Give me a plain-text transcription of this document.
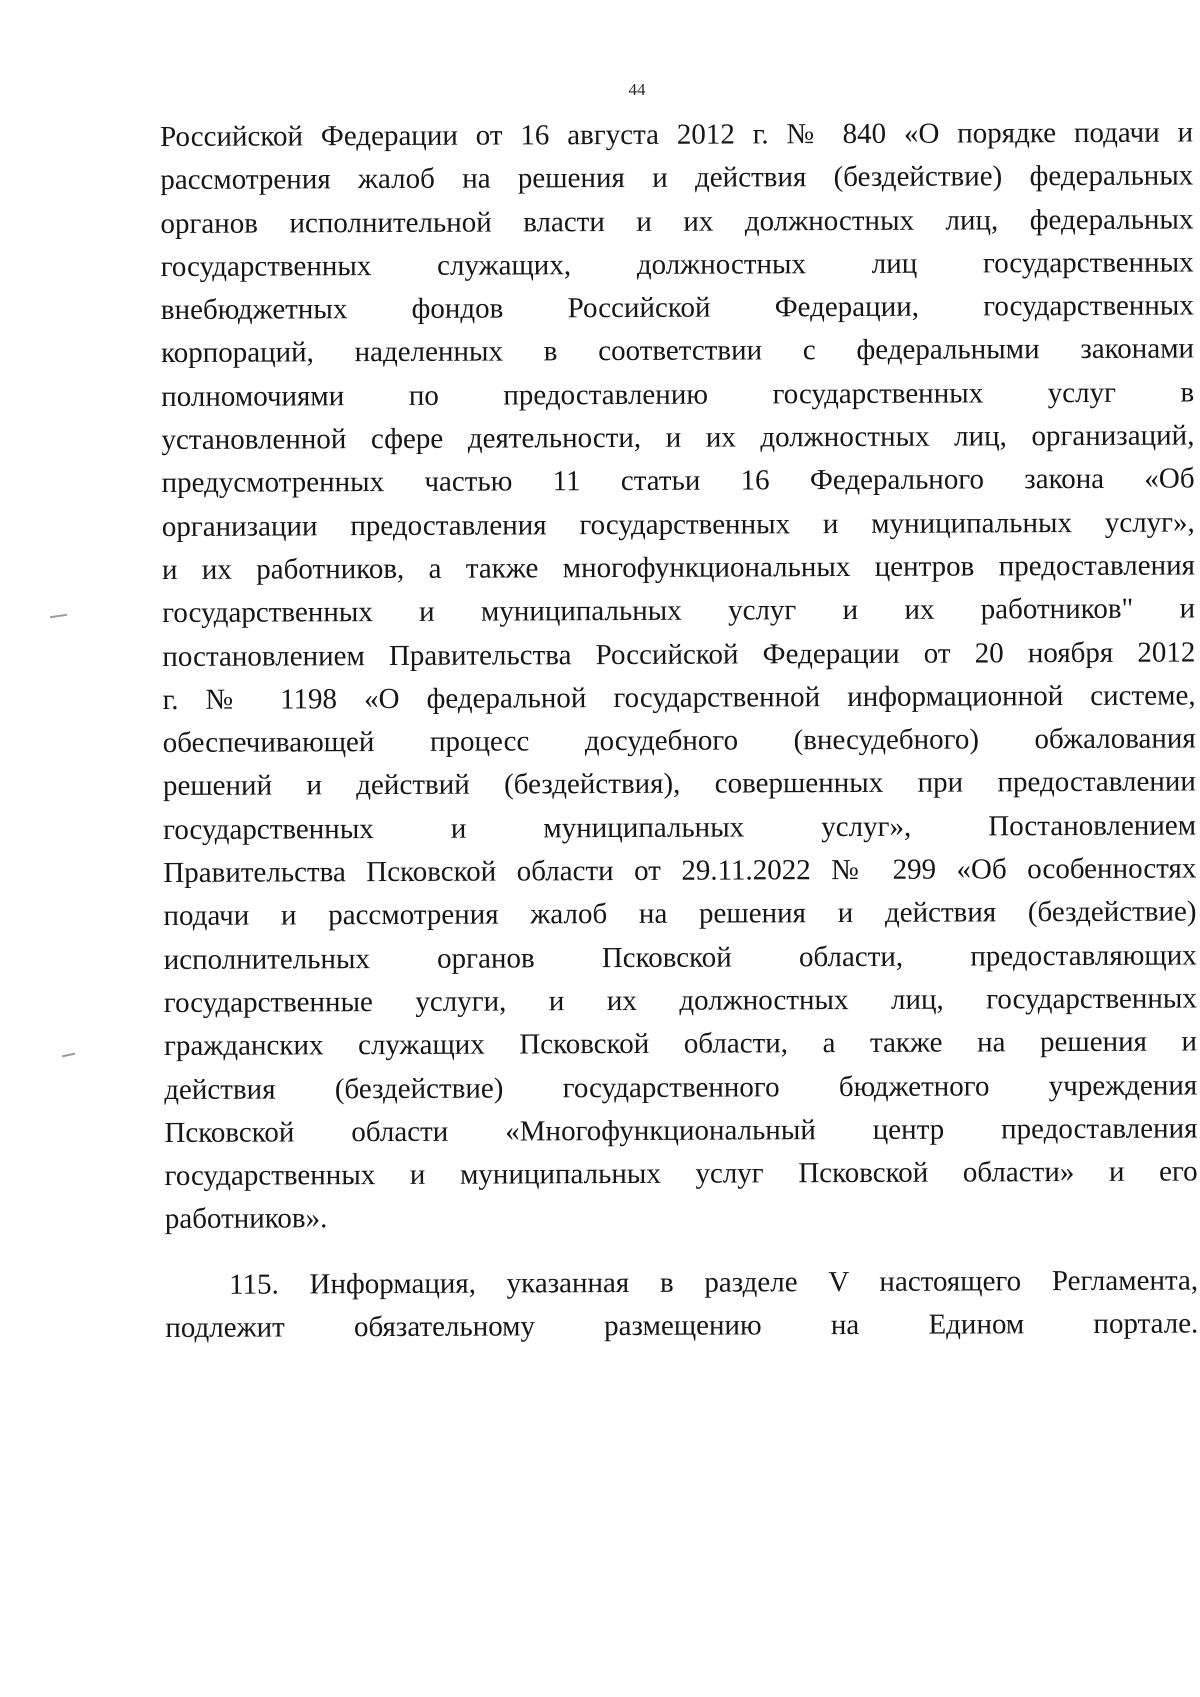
44
Российской Федерации от 16 августа 2012 г. № 840 «О порядке подачи и
рассмотрения жалоб на решения и действия (бездействие) федеральных
органов исполнительной власти и их должностных лиц, федеральных
государственных служащих, должностных лиц государственных
внебюджетных фондов Российской Федерации, государственных
корпораций, наделенных в соответствии с федеральными законами
полномочиями по предоставлению государственных услуг в
установленной сфере деятельности, и их должностных лиц, организаций,
предусмотренных частью 11 статьи 16 Федерального закона «Об
организации предоставления государственных и муниципальных услуг»,
и их работников, а также многофункциональных центров предоставления
государственных и муниципальных услуг и их работников" и
постановлением Правительства Российской Федерации от 20 ноября 2012
г. № 1198 «О федеральной государственной информационной системе,
обеспечивающей процесс досудебного (внесудебного) обжалования
решений и действий (бездействия), совершенных при предоставлении
государственных и муниципальных услуг», Постановлением
Правительства Псковской области от 29.11.2022 № 299 «Об особенностях
подачи и рассмотрения жалоб на решения и действия (бездействие)
исполнительных органов Псковской области, предоставляющих
государственные услуги, и их должностных лиц, государственных
гражданских служащих Псковской области, а также на решения и
действия (бездействие) государственного бюджетного учреждения
Псковской области «Многофункциональный центр предоставления
государственных и муниципальных услуг Псковской области» и его
работников».
115. Информация, указанная в разделе V настоящего Регламента,
подлежит обязательному размещению на Едином портале.
